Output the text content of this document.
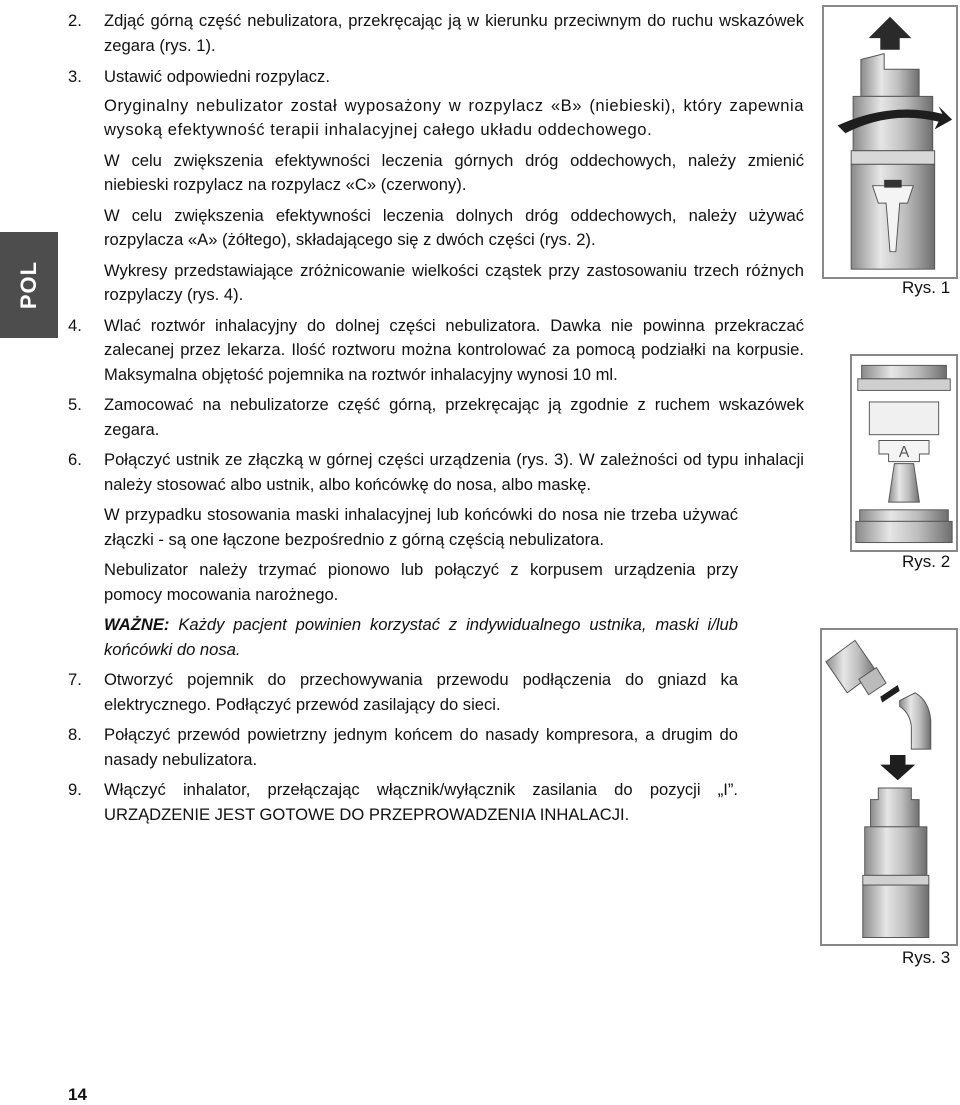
POL
2.	Zdjąć górną część nebulizatora, przekręcając ją w kierunku przeciwnym do ruchu wskazówek zegara (rys. 1).
3.	Ustawić odpowiedni rozpylacz.

Oryginalny nebulizator został wyposażony w rozpylacz «B» (niebieski), który zapewnia wysoką efektywność terapii inhalacyjnej całego układu oddechowego.

W celu zwiększenia efektywności leczenia górnych dróg oddechowych, należy zmienić niebieski rozpylacz na rozpylacz «C» (czerwony).

W celu zwiększenia efektywności leczenia dolnych dróg oddechowych, należy używać rozpylacza «A» (żółtego), składającego się z dwóch części (rys. 2).

Wykresy przedstawiające zróżnicowanie wielkości cząstek przy zastosowaniu trzech różnych rozpylaczy (rys. 4).

4.	Wlać roztwór inhalacyjny do dolnej części nebulizatora. Dawka nie powinna przekraczać zalecanej przez lekarza. Ilość roztworu można kontrolować za pomocą podziałki na korpusie. Maksymalna objętość pojemnika na roztwór inhalacyjny wynosi 10 ml.
5.	Zamocować na nebulizatorze część górną, przekręcając ją zgodnie z ruchem wskazówek zegara.
6.	Połączyć ustnik ze złączką w górnej części urządzenia (rys. 3). W zależności od typu inhalacji należy stosować albo ustnik, albo końcówkę do nosa, albo maskę.

W przypadku stosowania maski inhalacyjnej lub końcówki do nosa nie trzeba używać złączki - są one łączone bezpośrednio z górną częścią nebulizatora.

Nebulizator należy trzymać pionowo lub połączyć z korpusem urządzenia przy pomocy mocowania narożnego.

WAŻNE: Każdy pacjent powinien korzystać z indywidualnego ustnika, maski i/lub końcówki do nosa.

7.	Otworzyć pojemnik do przechowywania przewodu podłączenia do gniazd ka elektrycznego. Podłączyć przewód zasilający do sieci.
8.	Połączyć przewód powietrzny jednym końcem do nasady kompresora, a drugim do nasady nebulizatora.
9.	Włączyć inhalator, przełączając włącznik/wyłącznik zasilania do pozycji „I”. URZĄDZENIE JEST GOTOWE DO PRZEPROWADZENIA INHALACJI.
14
Rys. 1
A
Rys. 2
Rys. 3
